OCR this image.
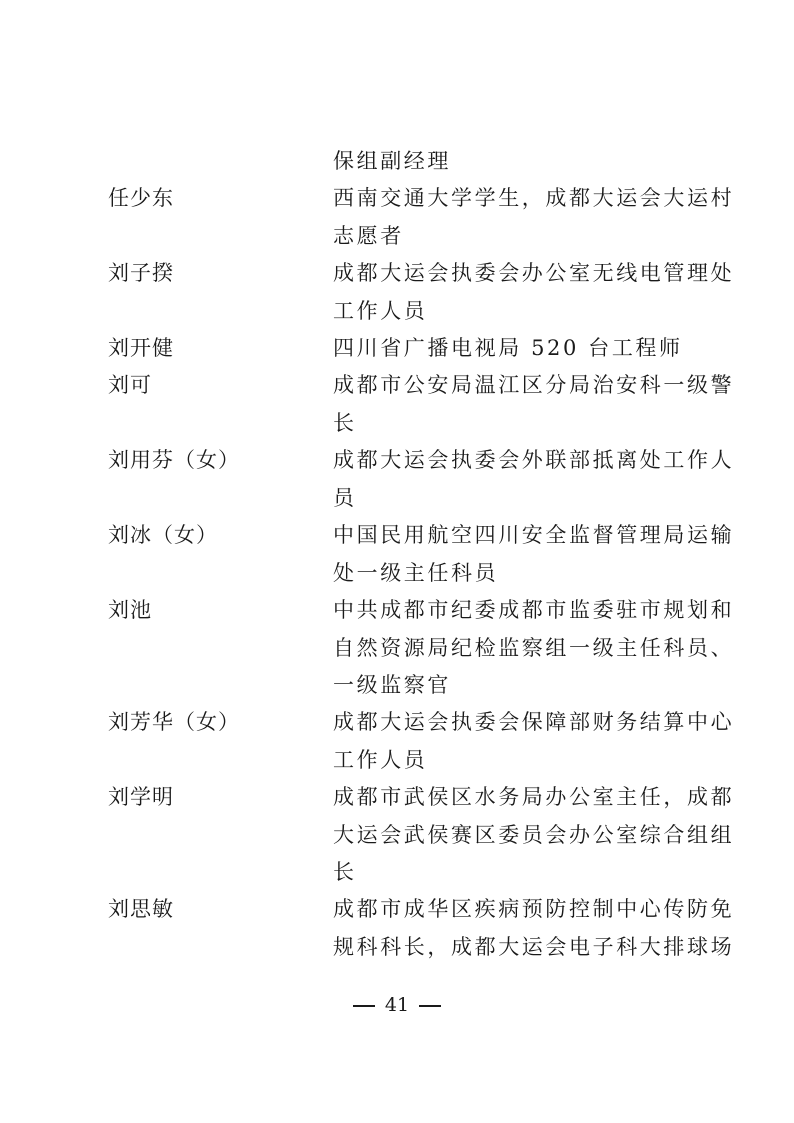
保组副经理
任少东	西南交通大学学生，成都大运会大运村
志愿者
刘子揆	成都大运会执委会办公室无线电管理处
工作人员
刘开健	四川省广播电视局 520 台工程师
刘可	成都市公安局温江区分局治安科一级警
长
刘用芬（女）	成都大运会执委会外联部抵离处工作人
员
刘冰（女）	中国民用航空四川安全监督管理局运输
处一级主任科员
刘池	中共成都市纪委成都市监委驻市规划和
自然资源局纪检监察组一级主任科员、
一级监察官
刘芳华（女）	成都大运会执委会保障部财务结算中心
工作人员
刘学明	成都市武侯区水务局办公室主任，成都
大运会武侯赛区委员会办公室综合组组
长
刘思敏	成都市成华区疾病预防控制中心传防免
规科科长，成都大运会电子科大排球场
41
